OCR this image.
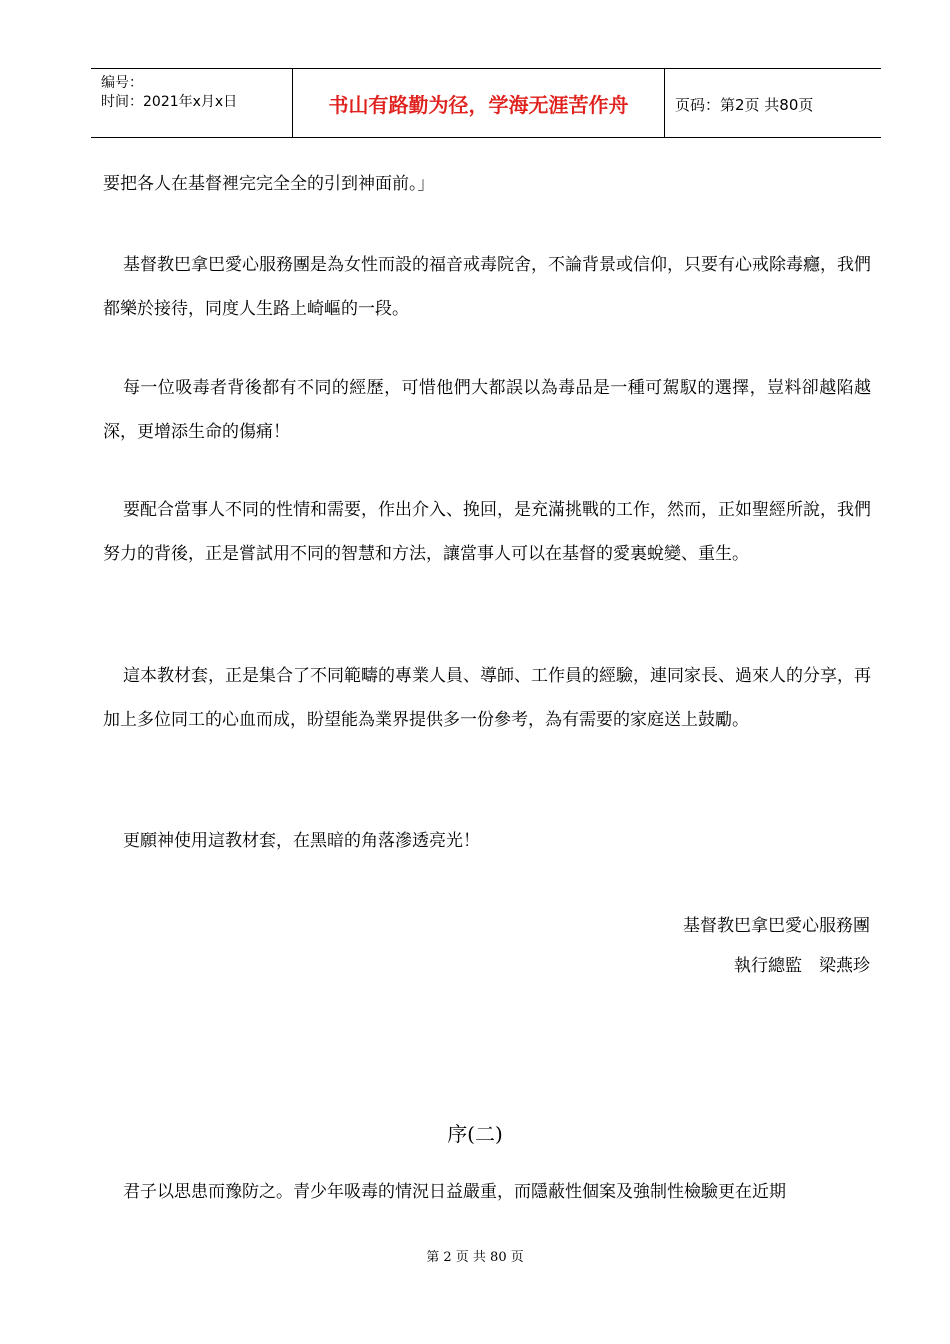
编号：
时间：2021年x月x日	书山有路勤为径，学海无涯苦作舟	页码：第2页 共80页

要把各人在基督裡完完全全的引到神面前。」

基督教巴拿巴愛心服務團是為女性而設的福音戒毒院舍，不論背景或信仰，只要有心戒除毒癮，我們都樂於接待，同度人生路上崎嶇的一段。

每一位吸毒者背後都有不同的經歷，可惜他們大都誤以為毒品是一種可駕馭的選擇，豈料卻越陷越深，更增添生命的傷痛！

要配合當事人不同的性情和需要，作出介入、挽回，是充滿挑戰的工作，然而，正如聖經所說，我們努力的背後，正是嘗試用不同的智慧和方法，讓當事人可以在基督的愛裏蛻變、重生。

這本教材套，正是集合了不同範疇的專業人員、導師、工作員的經驗，連同家長、過來人的分享，再加上多位同工的心血而成，盼望能為業界提供多一份參考，為有需要的家庭送上鼓勵。

更願神使用這教材套，在黑暗的角落滲透亮光！

基督教巴拿巴愛心服務團
執行總監　梁燕珍
序(二)

君子以思患而豫防之。青少年吸毒的情況日益嚴重，而隱蔽性個案及強制性檢驗更在近期

第 2 页 共 80 页
